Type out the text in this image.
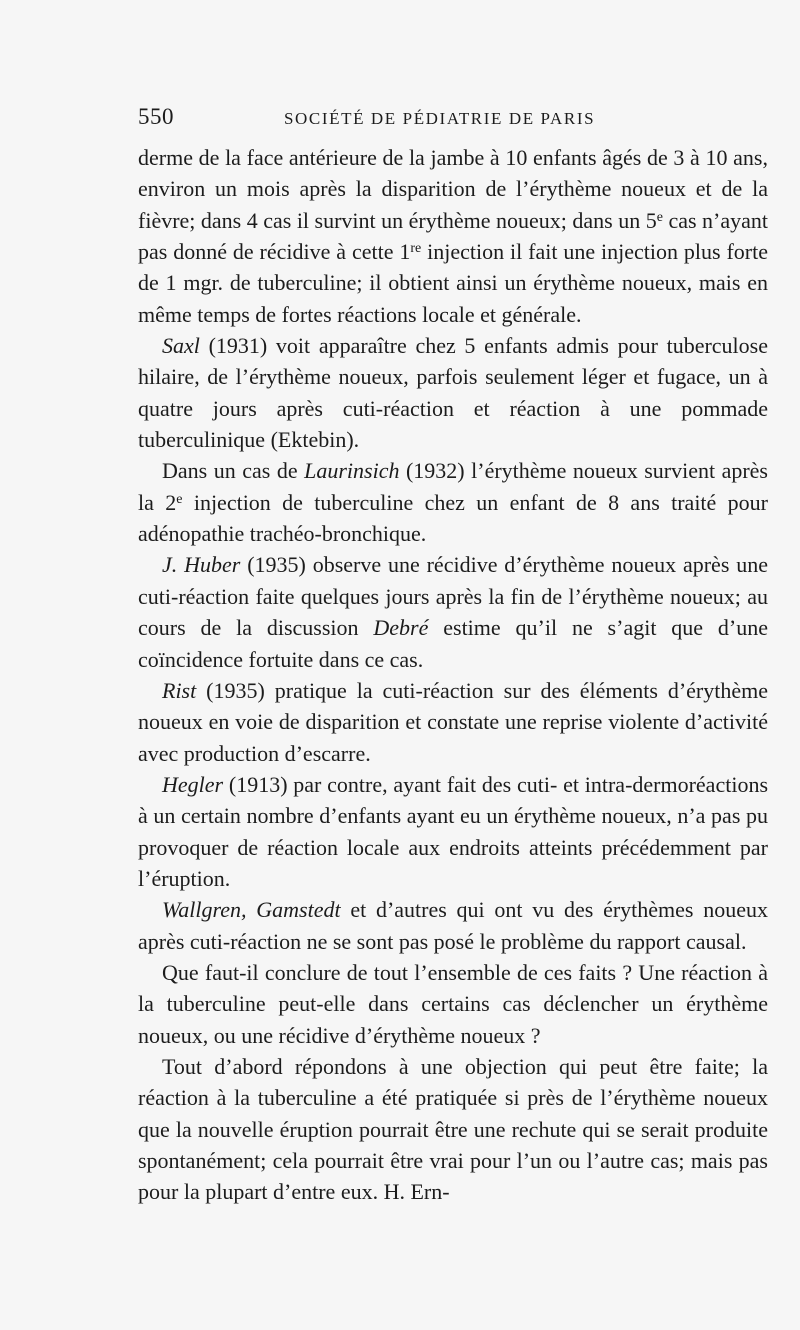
550	SOCIÉTÉ DE PÉDIATRIE DE PARIS

derme de la face antérieure de la jambe à 10 enfants âgés de 3 à 10 ans, environ un mois après la disparition de l’érythème noueux et de la fièvre; dans 4 cas il survint un érythème noueux; dans un 5e cas n’ayant pas donné de récidive à cette 1re injection il fait une injection plus forte de 1 mgr. de tuberculine; il obtient ainsi un érythème noueux, mais en même temps de fortes réactions locale et générale.

Saxl (1931) voit apparaître chez 5 enfants admis pour tuberculose hilaire, de l’érythème noueux, parfois seulement léger et fugace, un à quatre jours après cuti-réaction et réaction à une pommade tuberculinique (Ektebin).

Dans un cas de Laurinsich (1932) l’érythème noueux survient après la 2e injection de tuberculine chez un enfant de 8 ans traité pour adénopathie trachéo-bronchique.

J. Huber (1935) observe une récidive d’érythème noueux après une cuti-réaction faite quelques jours après la fin de l’érythème noueux; au cours de la discussion Debré estime qu’il ne s’agit que d’une coïncidence fortuite dans ce cas.

Rist (1935) pratique la cuti-réaction sur des éléments d’érythème noueux en voie de disparition et constate une reprise violente d’activité avec production d’escarre.

Hegler (1913) par contre, ayant fait des cuti- et intra-dermoréactions à un certain nombre d’enfants ayant eu un érythème noueux, n’a pas pu provoquer de réaction locale aux endroits atteints précédemment par l’éruption.

Wallgren, Gamstedt et d’autres qui ont vu des érythèmes noueux après cuti-réaction ne se sont pas posé le problème du rapport causal.

Que faut-il conclure de tout l’ensemble de ces faits ? Une réaction à la tuberculine peut-elle dans certains cas déclencher un érythème noueux, ou une récidive d’érythème noueux ?

Tout d’abord répondons à une objection qui peut être faite; la réaction à la tuberculine a été pratiquée si près de l’érythème noueux que la nouvelle éruption pourrait être une rechute qui se serait produite spontanément; cela pourrait être vrai pour l’un ou l’autre cas; mais pas pour la plupart d’entre eux. H. Ern-
